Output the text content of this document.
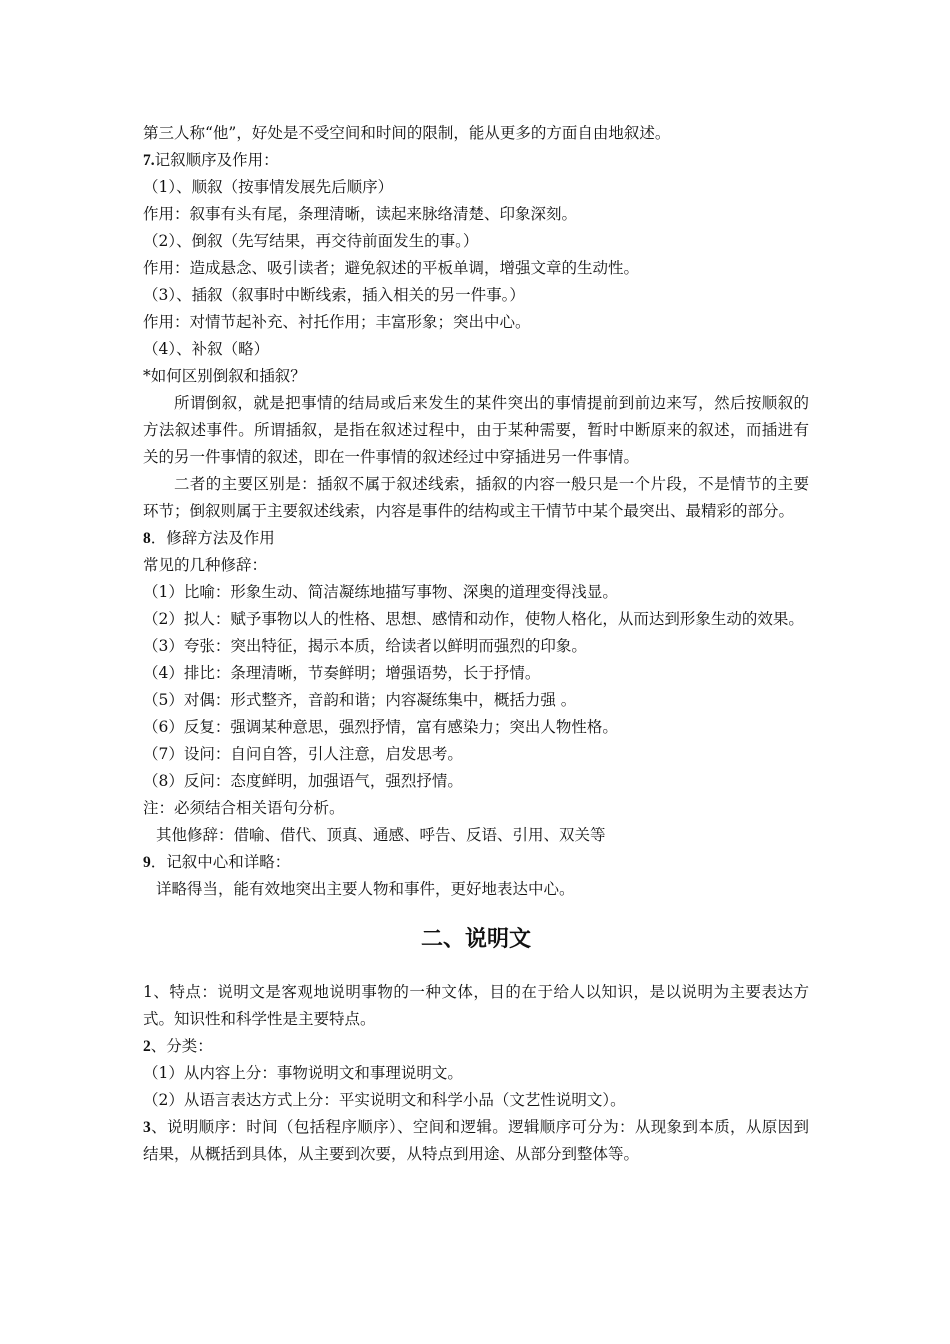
第三人称“他”，好处是不受空间和时间的限制，能从更多的方面自由地叙述。
7.记叙顺序及作用：
（1）、顺叙（按事情发展先后顺序）
作用：叙事有头有尾，条理清晰，读起来脉络清楚、印象深刻。
（2）、倒叙（先写结果，再交待前面发生的事。）
作用：造成悬念、吸引读者；避免叙述的平板单调，增强文章的生动性。
（3）、插叙（叙事时中断线索，插入相关的另一件事。）
作用：对情节起补充、衬托作用；丰富形象；突出中心。
（4）、补叙（略）
*如何区别倒叙和插叙？
所谓倒叙，就是把事情的结局或后来发生的某件突出的事情提前到前边来写，然后按顺叙的方法叙述事件。所谓插叙，是指在叙述过程中，由于某种需要，暂时中断原来的叙述，而插进有关的另一件事情的叙述，即在一件事情的叙述经过中穿插进另一件事情。
二者的主要区别是：插叙不属于叙述线索，插叙的内容一般只是一个片段，不是情节的主要环节；倒叙则属于主要叙述线索，内容是事件的结构或主干情节中某个最突出、最精彩的部分。
8．修辞方法及作用
常见的几种修辞：
（1）比喻：形象生动、简洁凝练地描写事物、深奥的道理变得浅显。
（2）拟人：赋予事物以人的性格、思想、感情和动作，使物人格化，从而达到形象生动的效果。
（3）夸张：突出特征，揭示本质，给读者以鲜明而强烈的印象。
（4）排比：条理清晰，节奏鲜明；增强语势，长于抒情。
（5）对偶：形式整齐，音韵和谐；内容凝练集中，概括力强 。
（6）反复：强调某种意思，强烈抒情，富有感染力；突出人物性格。
（7）设问：自问自答，引人注意，启发思考。
（8）反问：态度鲜明，加强语气，强烈抒情。
注：必须结合相关语句分析。
其他修辞：借喻、借代、顶真、通感、呼告、反语、引用、双关等
9．记叙中心和详略：
详略得当，能有效地突出主要人物和事件，更好地表达中心。
二、说明文
1、特点：说明文是客观地说明事物的一种文体，目的在于给人以知识，是以说明为主要表达方式。知识性和科学性是主要特点。
2、分类：
（1）从内容上分：事物说明文和事理说明文。
（2）从语言表达方式上分：平实说明文和科学小品（文艺性说明文）。
3、说明顺序：时间（包括程序顺序）、空间和逻辑。逻辑顺序可分为：从现象到本质，从原因到结果，从概括到具体，从主要到次要，从特点到用途、从部分到整体等。
